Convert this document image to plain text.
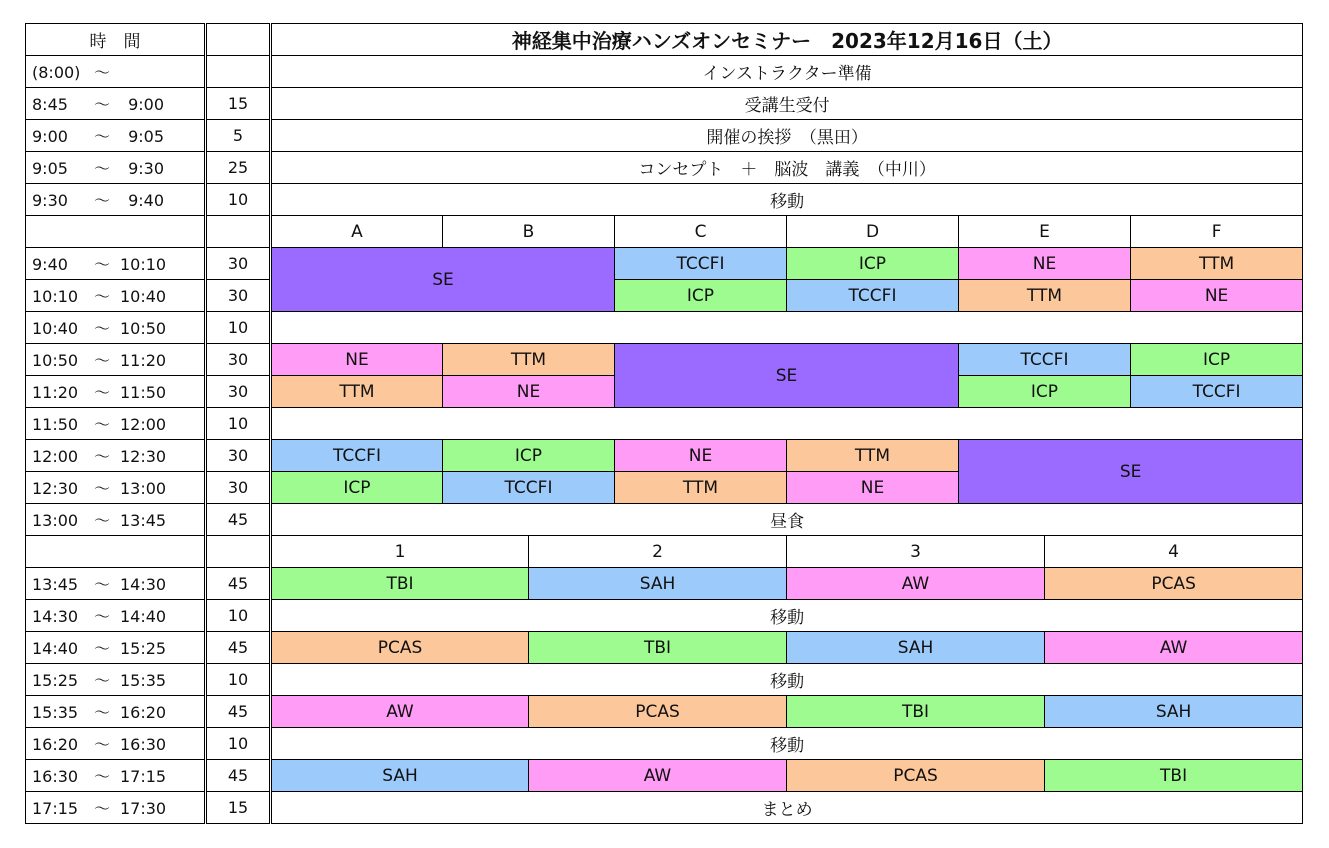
時　間		神経集中治療ハンズオンセミナー　2023年12月16日（土）							
(8:00) ～		インストラクター準備							
8:45 ～ 9:00	15	受講生受付							
9:00 ～ 9:05	5	開催の挨拶　（黒田）							
9:05 ～ 9:30	25	コンセプト　＋　脳波　講義　（中川）							
9:30 ～ 9:40	10	移動							
		A	B		C	D	E		F
9:40 ～ 10:10	30	SE			TCCFI	ICP	NE		TTM
10:10 ～ 10:40	30				ICP	TCCFI	TTM		NE
10:40 ～ 10:50	10								
10:50 ～ 11:20	30	NE	TTM		SE		TCCFI		ICP
11:20 ～ 11:50	30	TTM	NE				ICP		TCCFI
11:50 ～ 12:00	10								
12:00 ～ 12:30	30	TCCFI	ICP		NE	TTM	SE		
12:30 ～ 13:00	30	ICP	TCCFI		TTM	NE			
13:00 ～ 13:45	45	昼食							
		1		2		3		4	
13:45 ～ 14:30	45	TBI		SAH		AW		PCAS	
14:30 ～ 14:40	10	移動							
14:40 ～ 15:25	45	PCAS		TBI		SAH		AW	
15:25 ～ 15:35	10	移動							
15:35 ～ 16:20	45	AW		PCAS		TBI		SAH	
16:20 ～ 16:30	10	移動							
16:30 ～ 17:15	45	SAH		AW		PCAS		TBI	
17:15 ～ 17:30	15	まとめ							
